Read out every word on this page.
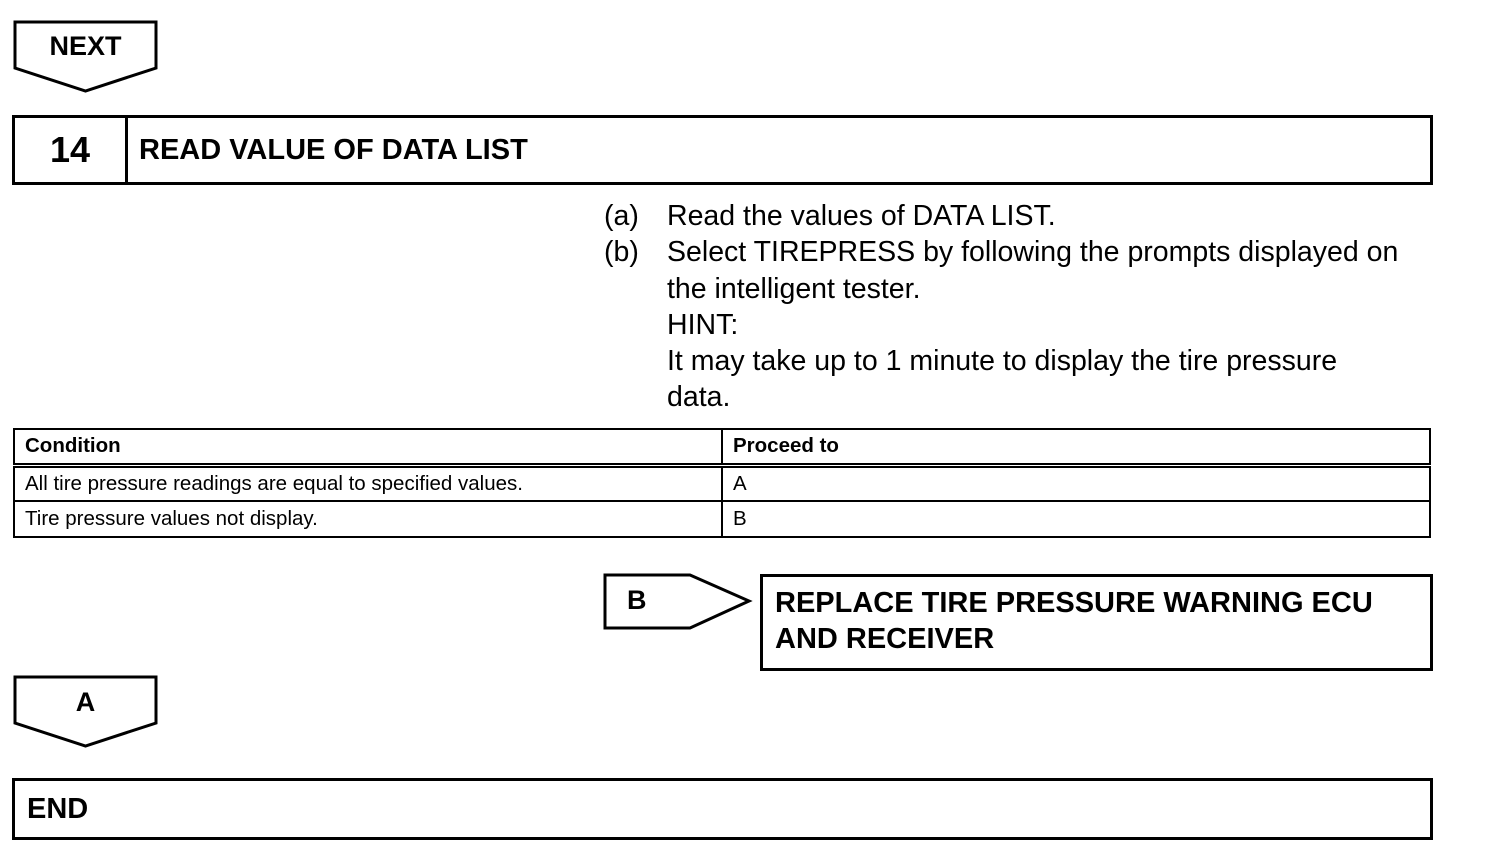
NEXT
14	READ VALUE OF DATA LIST
(a) Read the values of DATA LIST.
(b) Select TIREPRESS by following the prompts displayed on the intelligent tester.
HINT:
It may take up to 1 minute to display the tire pressure data.
Condition	Proceed to
All tire pressure readings are equal to specified values.	A
Tire pressure values not display.	B
B	REPLACE TIRE PRESSURE WARNING ECU AND RECEIVER
A
END
